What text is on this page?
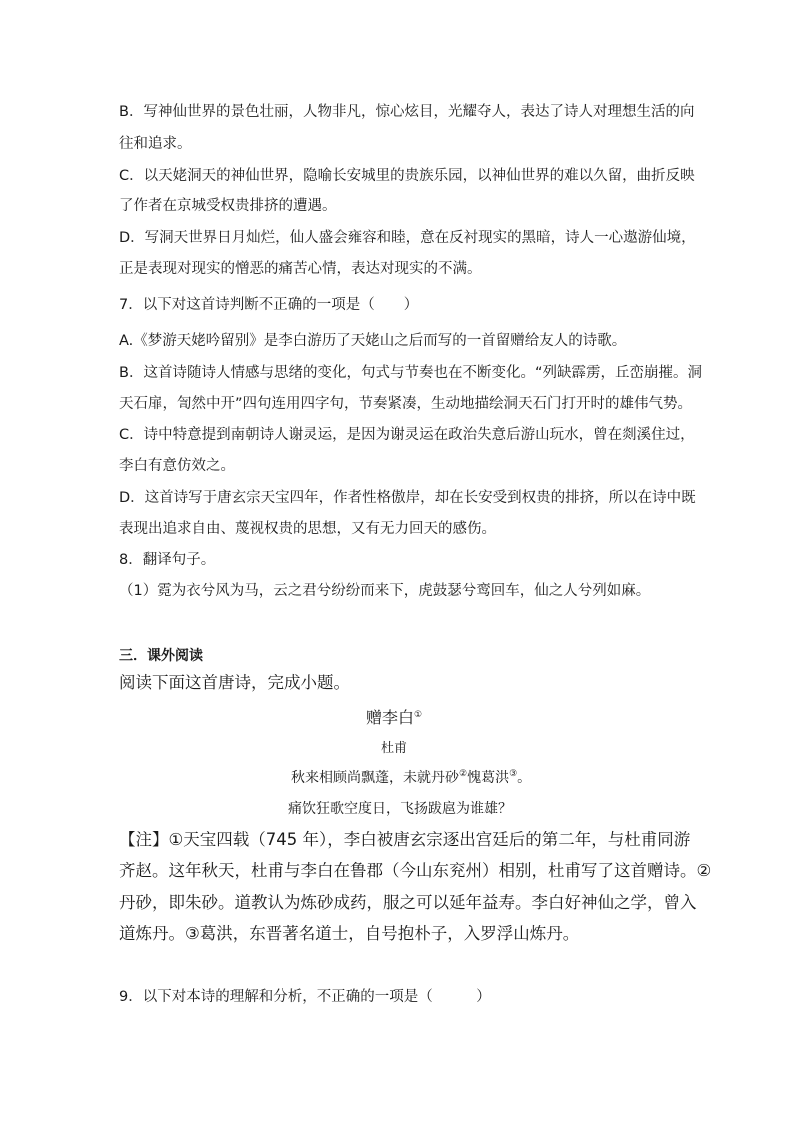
B．写神仙世界的景色壮丽，人物非凡，惊心炫目，光耀夺人，表达了诗人对理想生活的向
往和追求。
C．以天姥洞天的神仙世界，隐喻长安城里的贵族乐园，以神仙世界的难以久留，曲折反映
了作者在京城受权贵排挤的遭遇。
D．写洞天世界日月灿烂，仙人盛会雍容和睦，意在反衬现实的黑暗，诗人一心遨游仙境，
正是表现对现实的憎恶的痛苦心情，表达对现实的不满。
7．以下对这首诗判断不正确的一项是（　　）
A.《梦游天姥吟留别》是李白游历了天姥山之后而写的一首留赠给友人的诗歌。
B．这首诗随诗人情感与思绪的变化，句式与节奏也在不断变化。“列缺霹雳，丘峦崩摧。洞
天石扉，訇然中开”四句连用四字句，节奏紧凑，生动地描绘洞天石门打开时的雄伟气势。
C．诗中特意提到南朝诗人谢灵运，是因为谢灵运在政治失意后游山玩水，曾在剡溪住过，
李白有意仿效之。
D．这首诗写于唐玄宗天宝四年，作者性格傲岸，却在长安受到权贵的排挤，所以在诗中既
表现出追求自由、蔑视权贵的思想，又有无力回天的感伤。
8．翻译句子。
（1）霓为衣兮风为马，云之君兮纷纷而来下，虎鼓瑟兮鸾回车，仙之人兮列如麻。
三．课外阅读
阅读下面这首唐诗，完成小题。
赠李白①
杜甫
秋来相顾尚飘蓬，未就丹砂②愧葛洪③。
痛饮狂歌空度日，飞扬跋扈为谁雄？
【注】①天宝四载（745 年），李白被唐玄宗逐出宫廷后的第二年，与杜甫同游
齐赵。这年秋天，杜甫与李白在鲁郡（今山东兖州）相别，杜甫写了这首赠诗。②
丹砂，即朱砂。道教认为炼砂成药，服之可以延年益寿。李白好神仙之学，曾入
道炼丹。③葛洪，东晋著名道士，自号抱朴子，入罗浮山炼丹。
9．以下对本诗的理解和分析，不正确的一项是（　　　）
